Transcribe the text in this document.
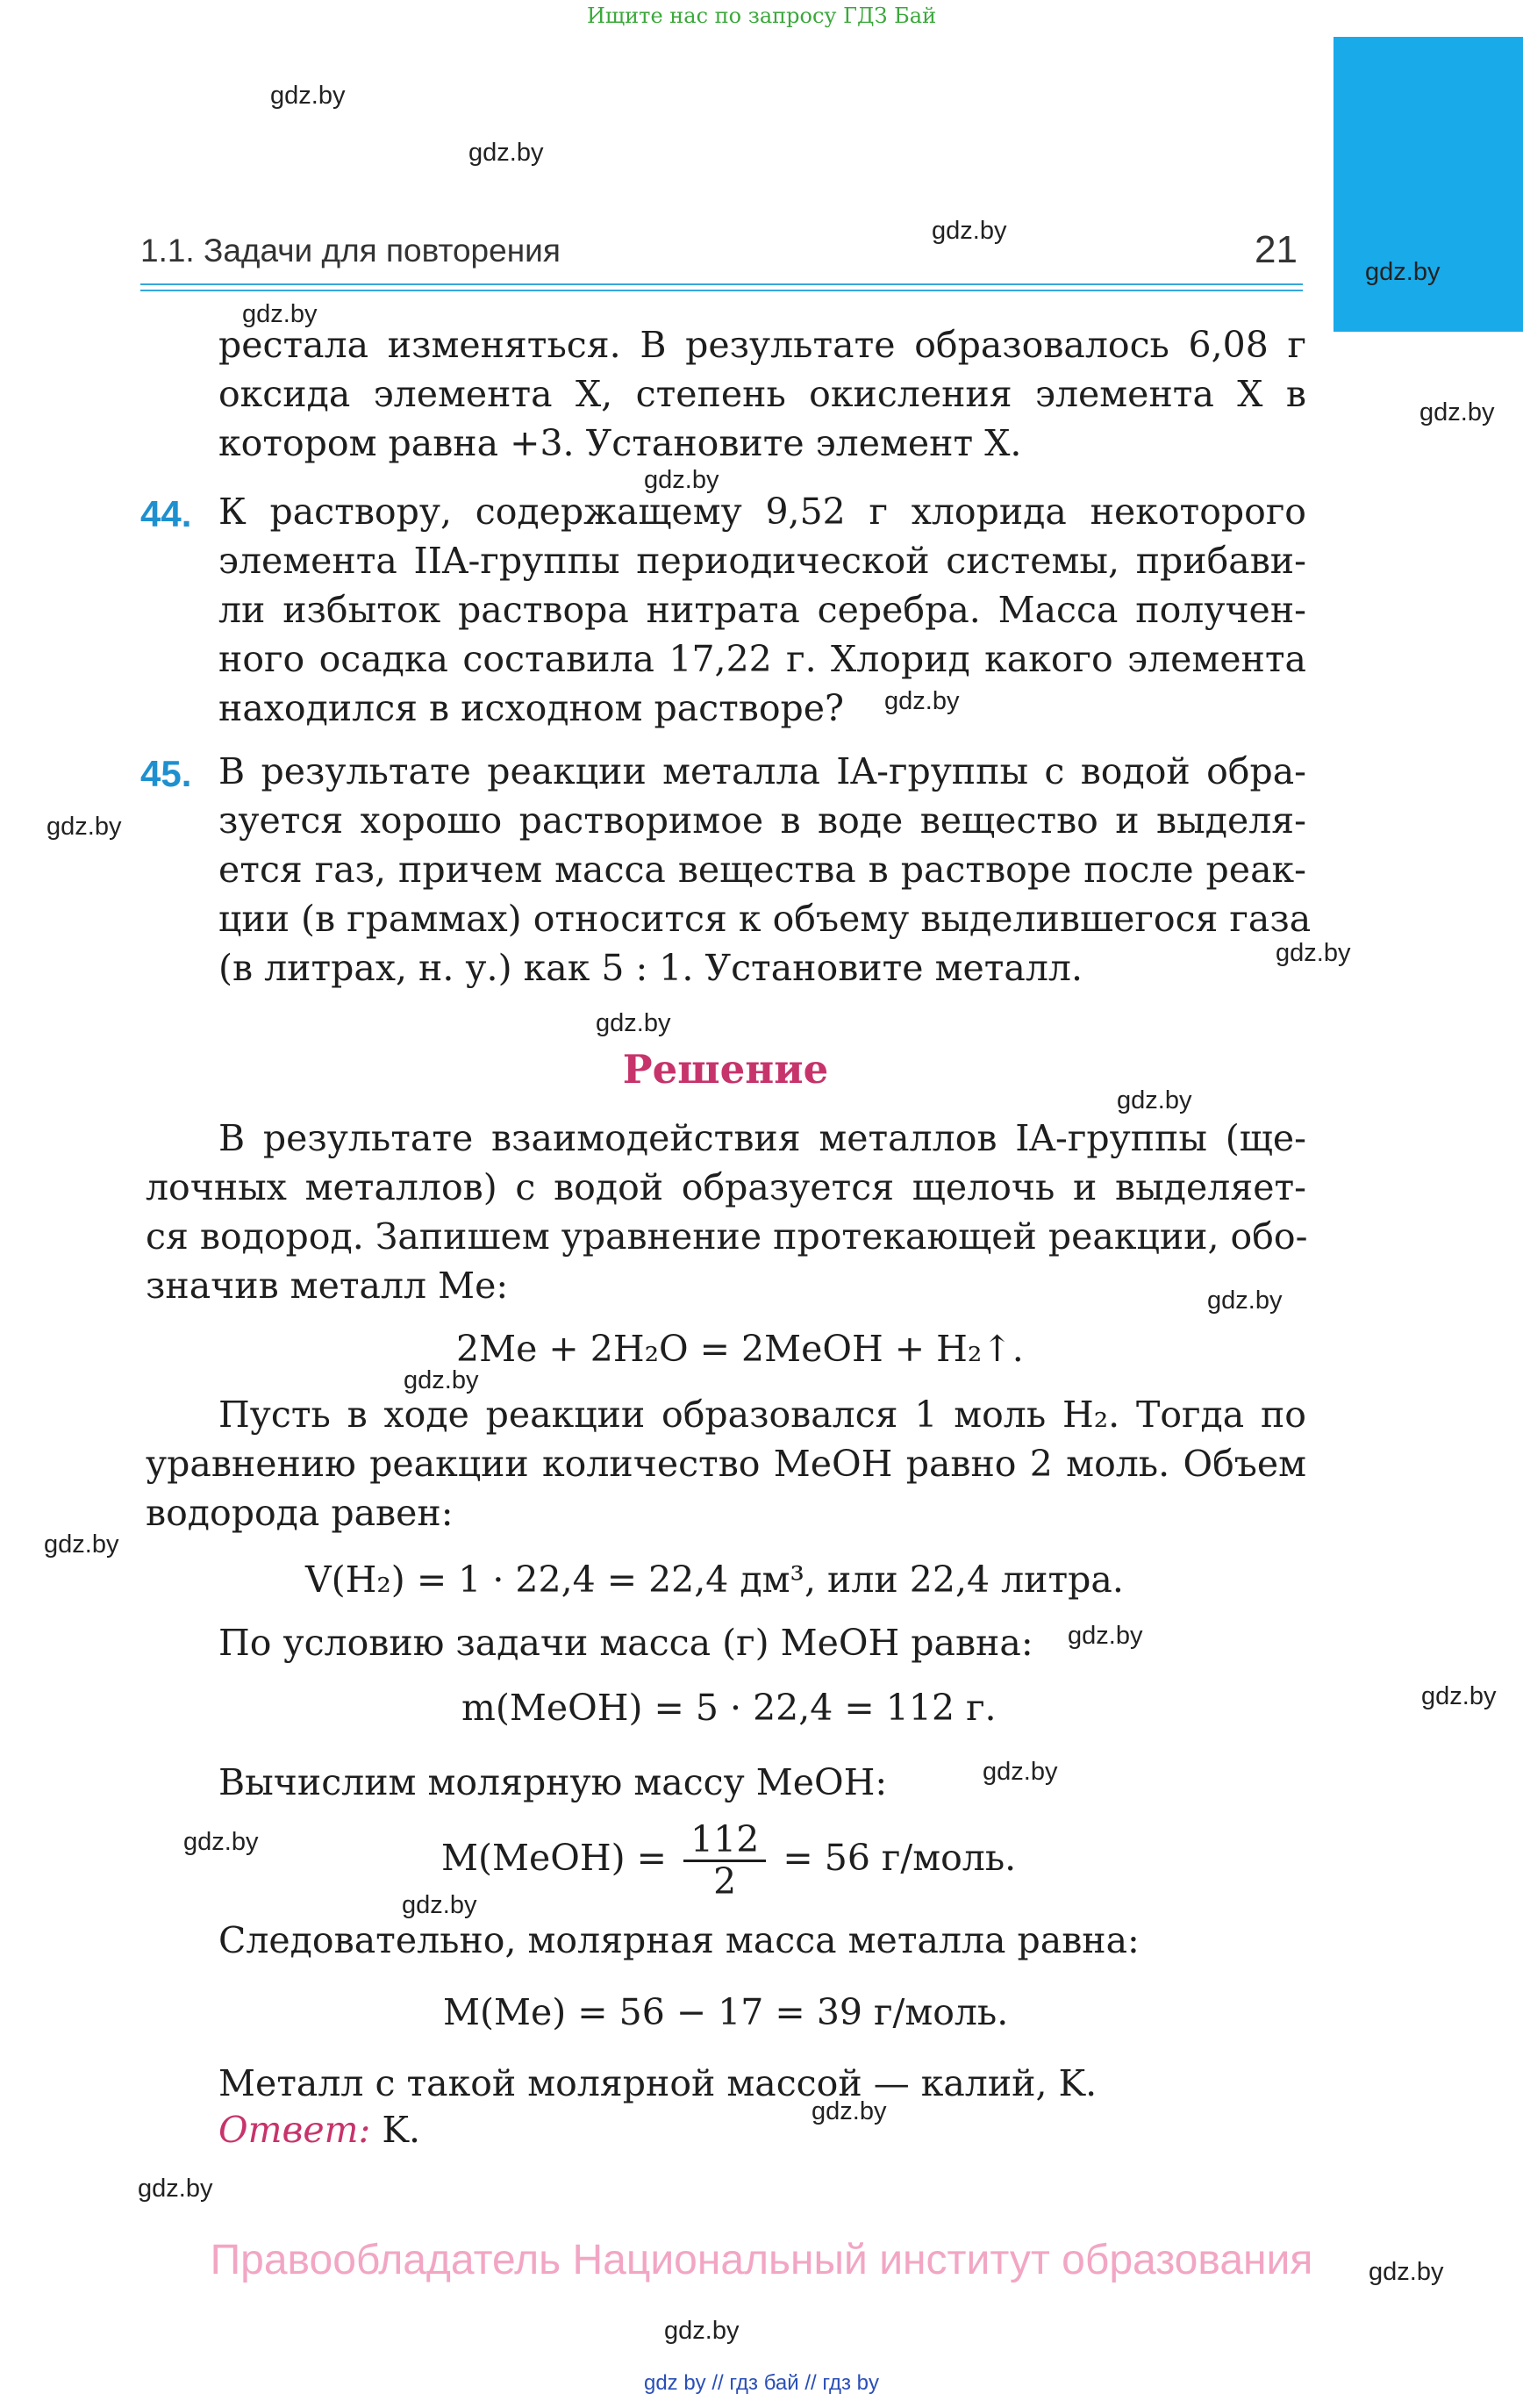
Ищите нас по запросу ГДЗ Бай
gdz.by
gdz.by
gdz.by
gdz.by
gdz.by
gdz.by
gdz.by
gdz.by
gdz.by
gdz.by
gdz.by
gdz.by
gdz.by
gdz.by
gdz.by
gdz.by
gdz.by
gdz.by
gdz.by
gdz.by
gdz.by
gdz.by
gdz.by
gdz.by
1.1. Задачи для повторения	21
рестала изменяться. В результате образовалось 6,08 г
оксида элемента X, степень окисления элемента X в
котором равна +3. Установите элемент X.
44. К раствору, содержащему 9,52 г хлорида некоторого
элемента IIA-группы периодической системы, прибави-
ли избыток раствора нитрата серебра. Масса получен-
ного осадка составила 17,22 г. Хлорид какого элемента
находился в исходном растворе?
45. В результате реакции металла IA-группы с водой обра-
зуется хорошо растворимое в воде вещество и выделя-
ется газ, причем масса вещества в растворе после реак-
ции (в граммах) относится к объему выделившегося газа
(в литрах, н. у.) как 5 : 1. Установите металл.
Решение
В результате взаимодействия металлов IA-группы (ще-
лочных металлов) с водой образуется щелочь и выделяет-
ся водород. Запишем уравнение протекающей реакции, обо-
значив металл Me:
2Me + 2H₂O = 2MeOH + H₂↑.
Пусть в ходе реакции образовался 1 моль H₂. Тогда по
уравнению реакции количество MeOH равно 2 моль. Объем
водорода равен:
V(H₂) = 1 · 22,4 = 22,4 дм³, или 22,4 литра.
По условию задачи масса (г) MeOH равна:
m(MeOH) = 5 · 22,4 = 112 г.
Вычислим молярную массу MeOH:
M(MeOH) = $\frac{112}{2} = 56$ г/моль.
Следовательно, молярная масса металла равна:
M(Me) = 56 − 17 = 39 г/моль.
Металл с такой молярной массой — калий, K.
Ответ: K.
Правообладатель Национальный институт образования
gdz by // гдз бай // гдз by
